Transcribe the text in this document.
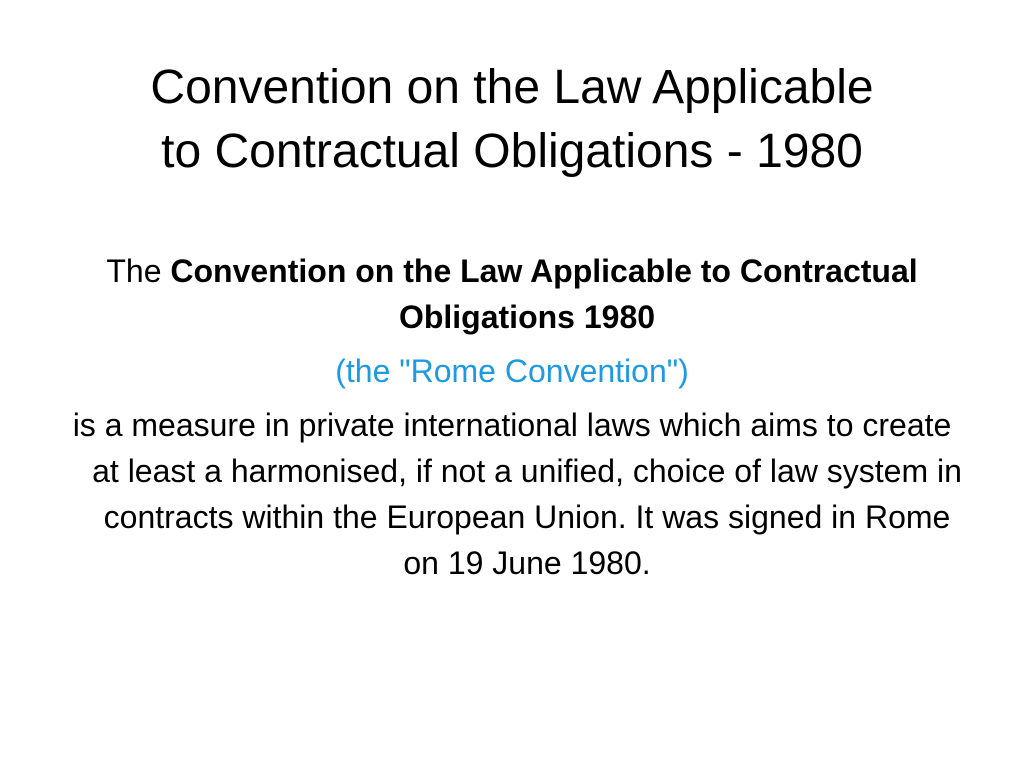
Convention on the Law Applicable
to Contractual Obligations - 1980

The Convention on the Law Applicable to Contractual Obligations 1980

(the "Rome Convention")

is a measure in private international laws which aims to create at least a harmonised, if not a unified, choice of law system in contracts within the European Union. It was signed in Rome on 19 June 1980.
